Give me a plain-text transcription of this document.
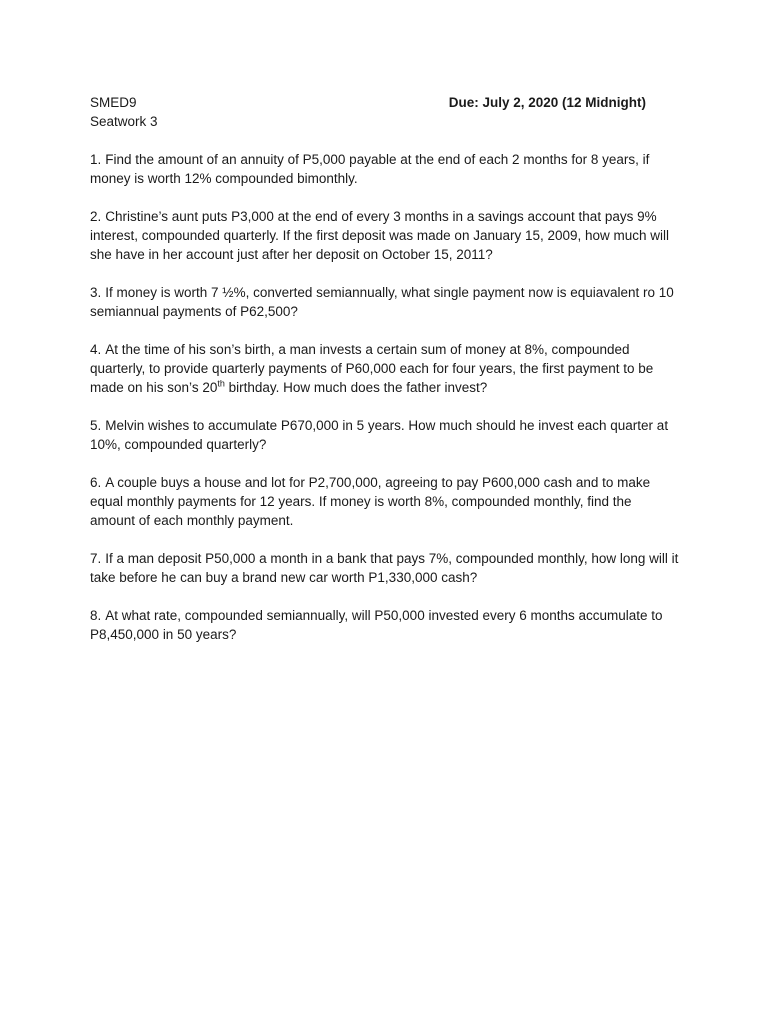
SMED9	Due: July 2, 2020 (12 Midnight)
Seatwork 3

1. Find the amount of an annuity of P5,000 payable at the end of each 2 months for 8 years, if money is worth 12% compounded bimonthly.

2. Christine’s aunt puts P3,000 at the end of every 3 months in a savings account that pays 9% interest, compounded quarterly. If the first deposit was made on January 15, 2009, how much will she have in her account just after her deposit on October 15, 2011?

3. If money is worth 7 ½%, converted semiannually, what single payment now is equiavalent ro 10 semiannual payments of P62,500?

4. At the time of his son’s birth, a man invests a certain sum of money at 8%, compounded quarterly, to provide quarterly payments of P60,000 each for four years, the first payment to be made on his son’s 20th birthday. How much does the father invest?

5. Melvin wishes to accumulate P670,000 in 5 years. How much should he invest each quarter at 10%, compounded quarterly?

6. A couple buys a house and lot for P2,700,000, agreeing to pay P600,000 cash and to make equal monthly payments for 12 years. If money is worth 8%, compounded monthly, find the amount of each monthly payment.

7. If a man deposit P50,000 a month in a bank that pays 7%, compounded monthly, how long will it take before he can buy a brand new car worth P1,330,000 cash?

8. At what rate, compounded semiannually, will P50,000 invested every 6 months accumulate to P8,450,000 in 50 years?
